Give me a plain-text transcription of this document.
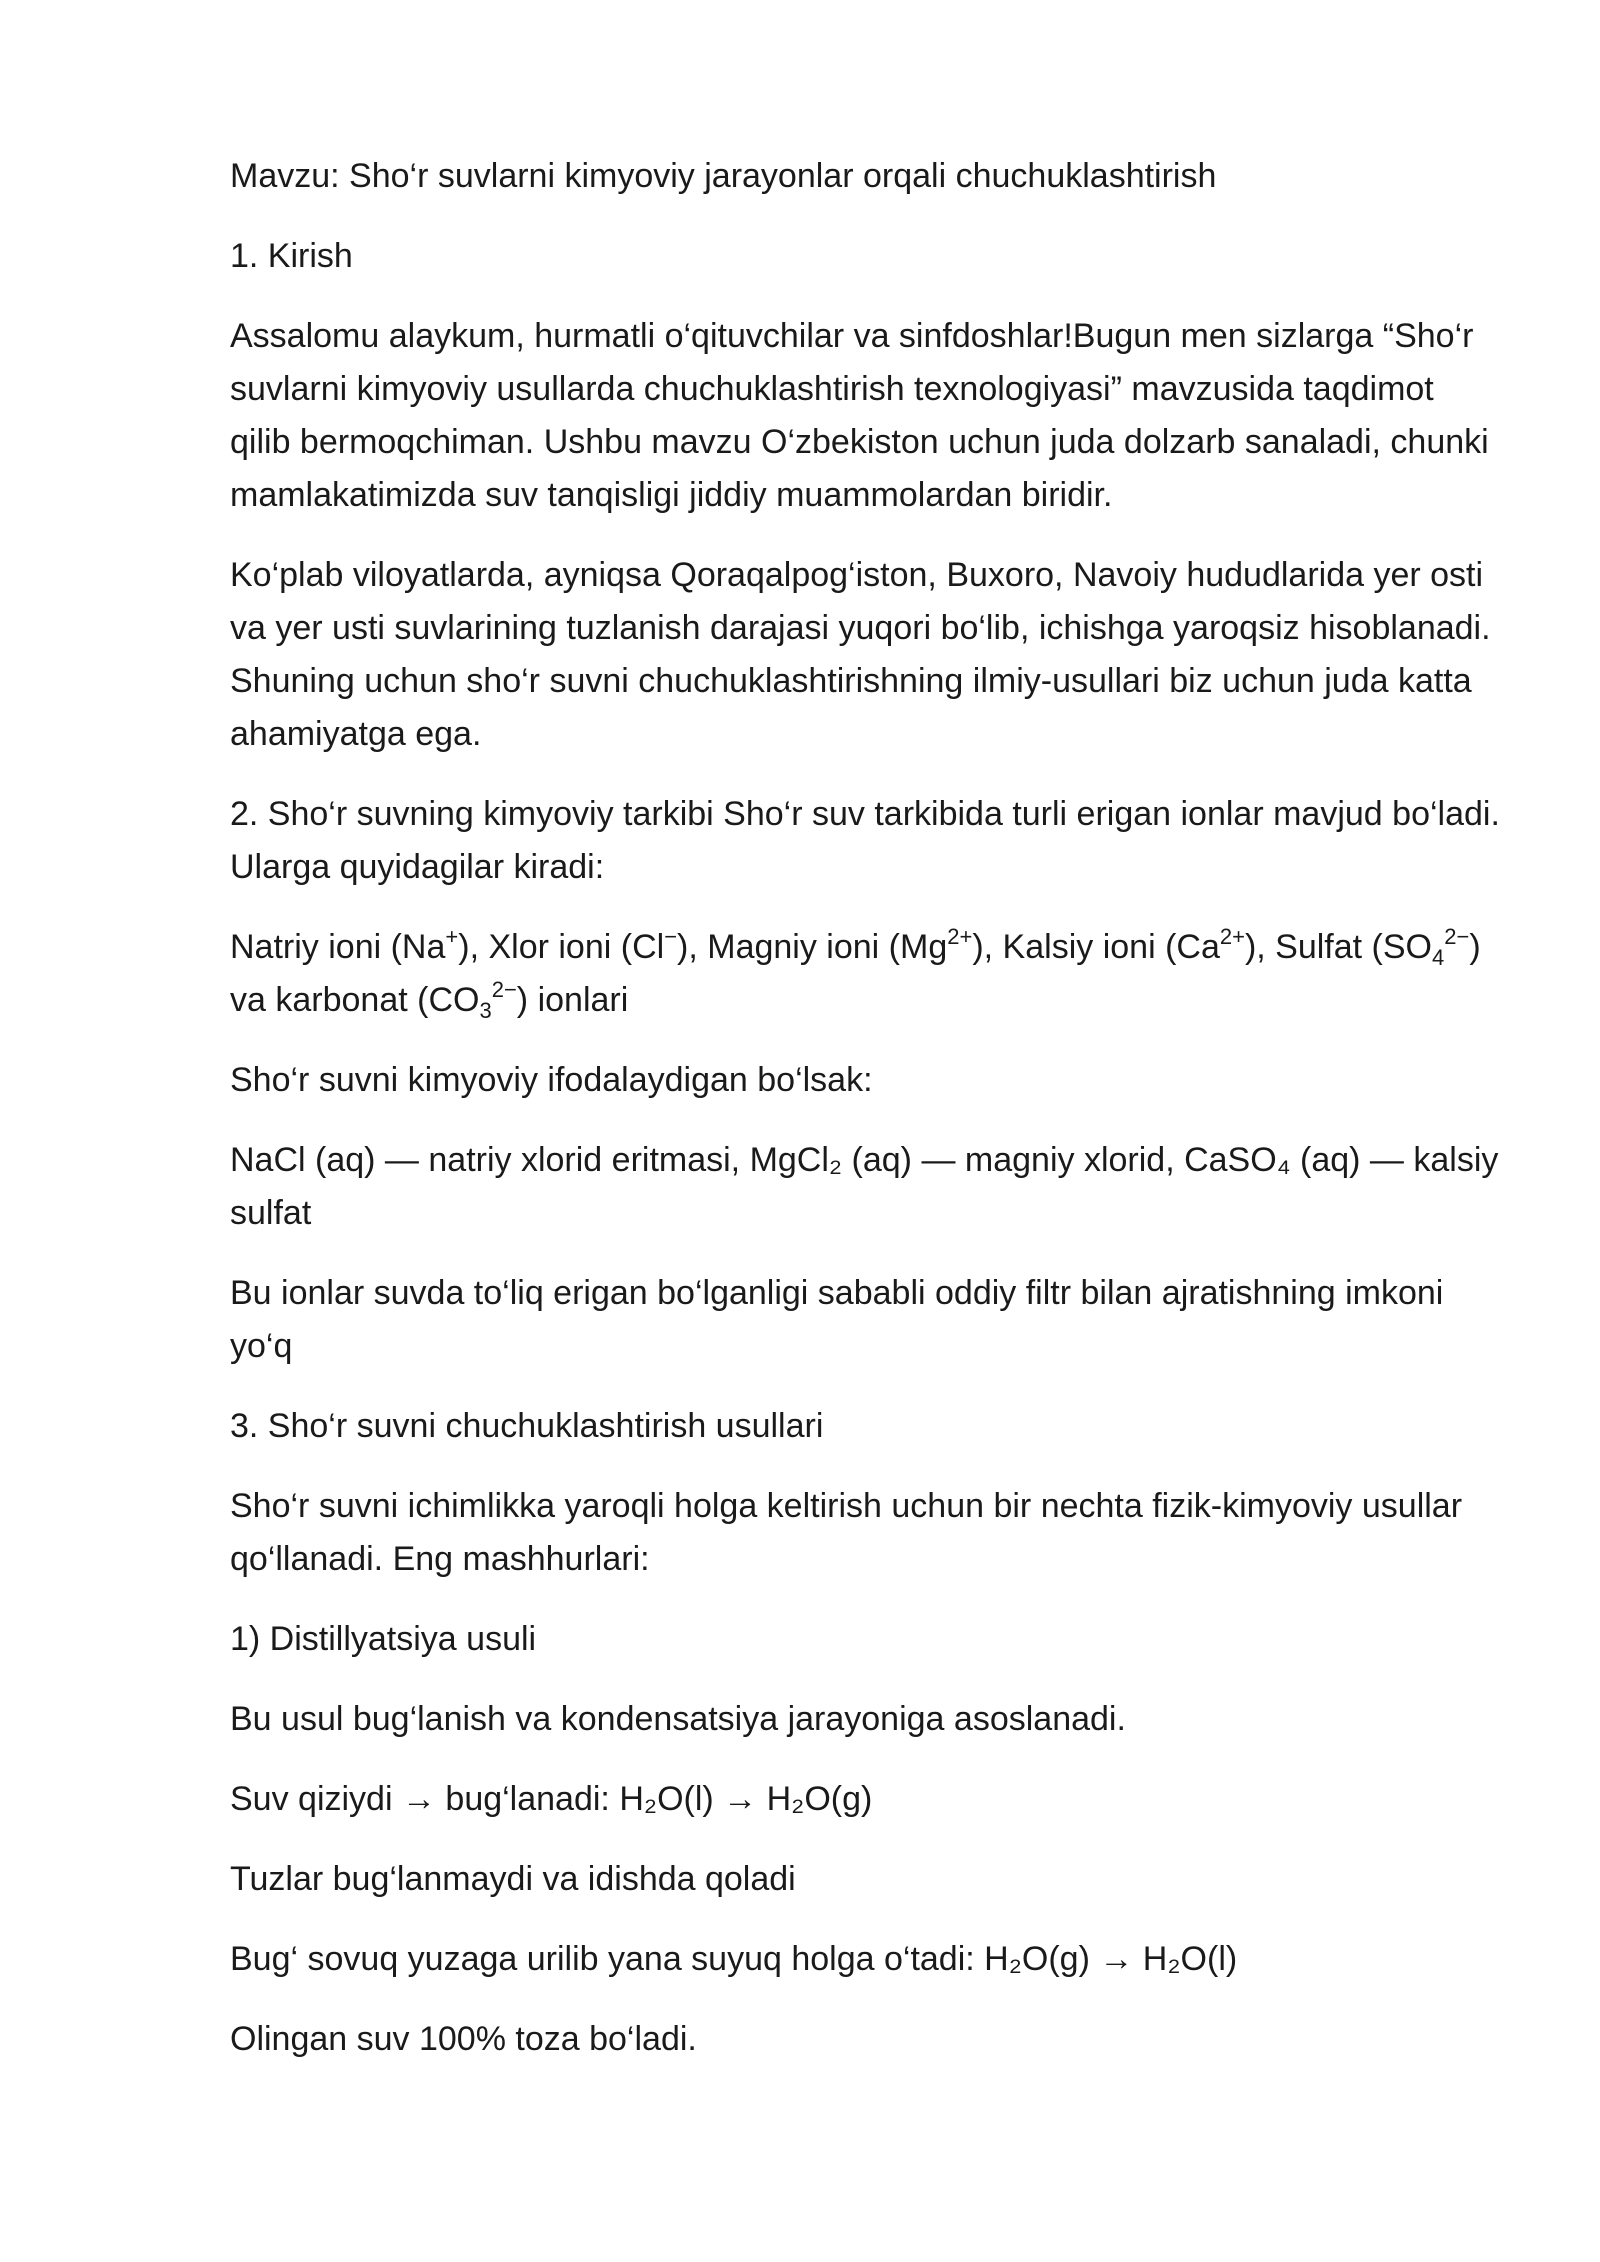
Mavzu: Sho‘r suvlarni kimyoviy jarayonlar orqali chuchuklashtirish

1. Kirish

Assalomu alaykum, hurmatli o‘qituvchilar va sinfdoshlar!Bugun men sizlarga “Sho‘r suvlarni kimyoviy usullarda chuchuklashtirish texnologiyasi” mavzusida taqdimot qilib bermoqchiman. Ushbu mavzu O‘zbekiston uchun juda dolzarb sanaladi, chunki mamlakatimizda suv tanqisligi jiddiy muammolardan biridir.

Ko‘plab viloyatlarda, ayniqsa Qoraqalpog‘iston, Buxoro, Navoiy hududlarida yer osti va yer usti suvlarining tuzlanish darajasi yuqori bo‘lib, ichishga yaroqsiz hisoblanadi. Shuning uchun sho‘r suvni chuchuklashtirishning ilmiy-usullari biz uchun juda katta ahamiyatga ega.

2. Sho‘r suvning kimyoviy tarkibi Sho‘r suv tarkibida turli erigan ionlar mavjud bo‘ladi. Ularga quyidagilar kiradi:

Natriy ioni (Na+), Xlor ioni (Cl−), Magniy ioni $(Mg^{2+})$, Kalsiy ioni $(Ca^{2+})$, Sulfat $(SO_4^{2-})$ va karbonat $(CO_3^{2-})$ ionlari

Sho‘r suvni kimyoviy ifodalaydigan bo‘lsak:

NaCl (aq) — natriy xlorid eritmasi, MgCl₂ (aq) — magniy xlorid, CaSO₄ (aq) — kalsiy sulfat

Bu ionlar suvda to‘liq erigan bo‘lganligi sababli oddiy filtr bilan ajratishning imkoni yo‘q

3. Sho‘r suvni chuchuklashtirish usullari

Sho‘r suvni ichimlikka yaroqli holga keltirish uchun bir nechta fizik-kimyoviy usullar qo‘llanadi. Eng mashhurlari:

1) Distillyatsiya usuli

Bu usul bug‘lanish va kondensatsiya jarayoniga asoslanadi.

Suv qiziydi → bug‘lanadi: H₂O(l) → H₂O(g)

Tuzlar bug‘lanmaydi va idishda qoladi

Bug‘ sovuq yuzaga urilib yana suyuq holga o‘tadi: H₂O(g) → H₂O(l)

Olingan suv 100% toza bo‘ladi.
